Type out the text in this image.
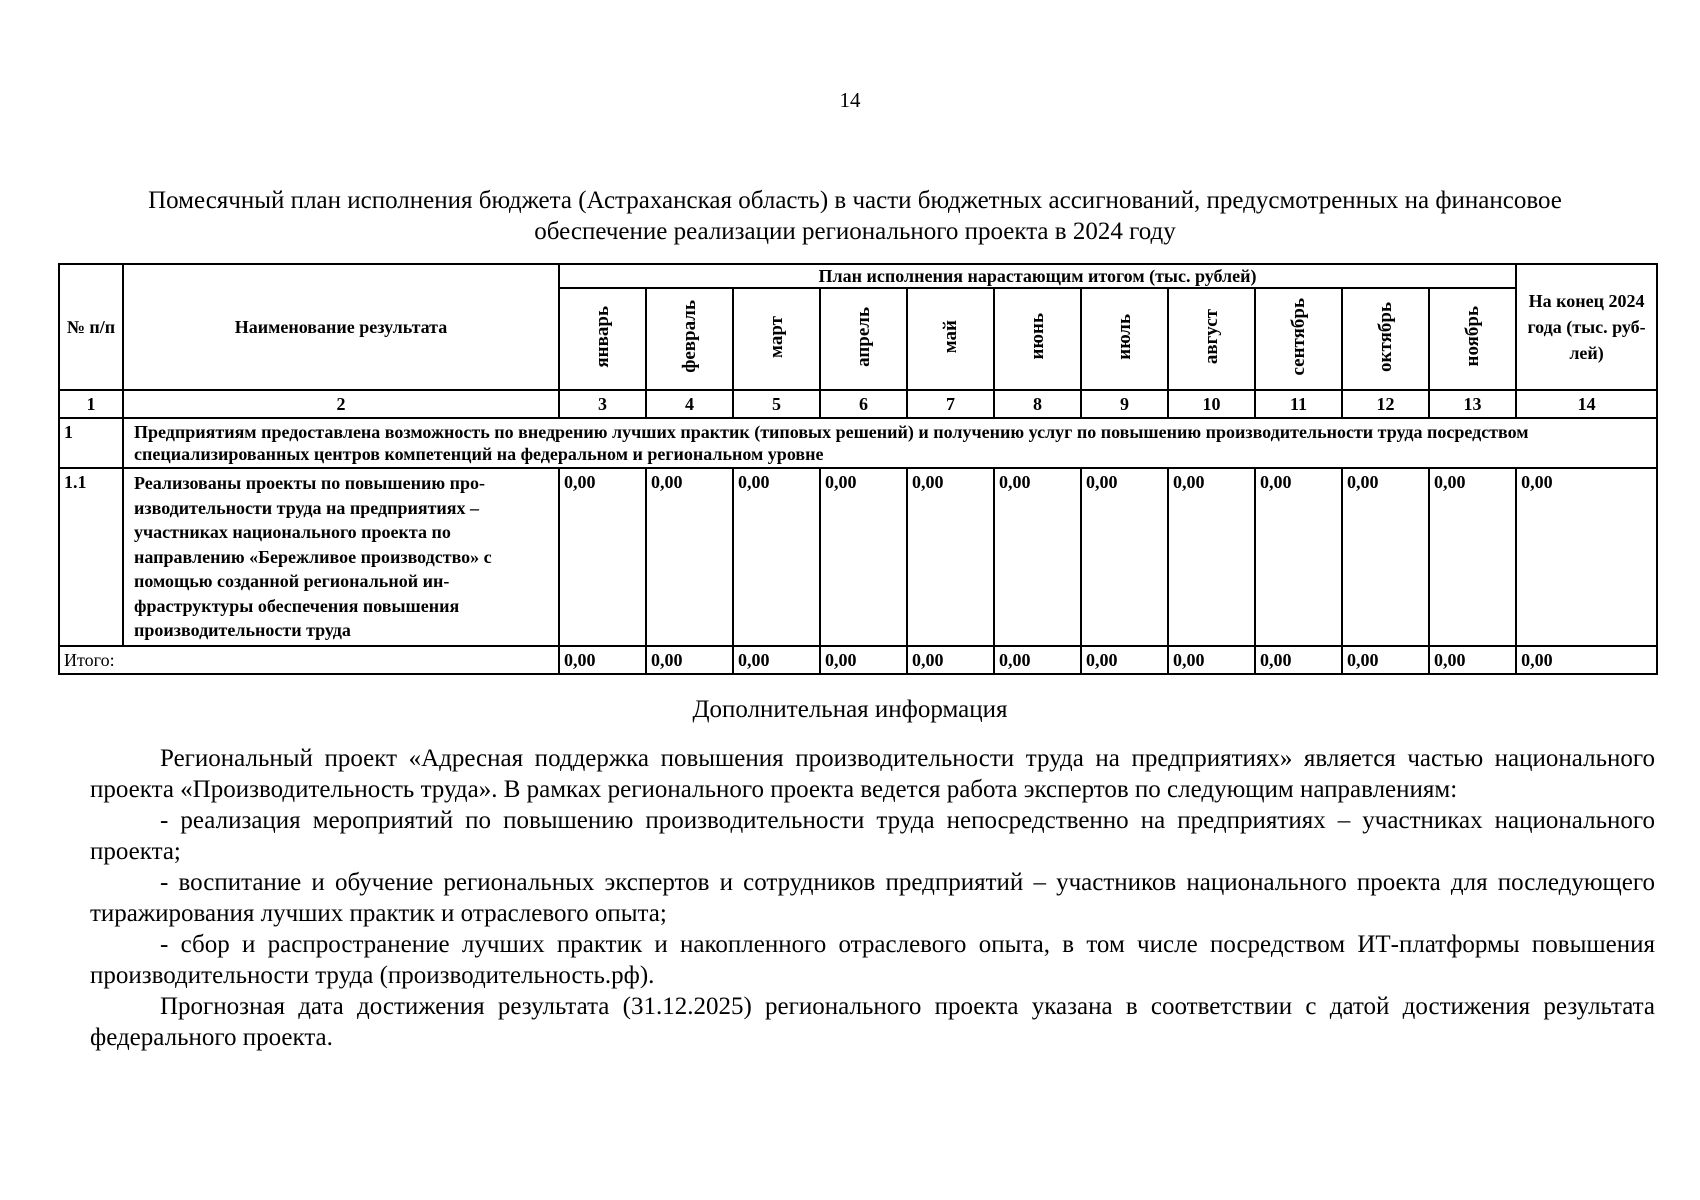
14
Помесячный план исполнения бюджета (Астраханская область) в части бюджетных ассигнований, предусмотренных на финансовое обеспечение реализации регионального проекта в 2024 году
№ п/п	Наименование результата	План исполнения нарастающим итогом (тыс. рублей)											На конец 2024 года (тыс. руб-лей)
		январь	февраль	март	апрель	май	июнь	июль	август	сентябрь	октябрь	ноябрь	
1	2	3	4	5	6	7	8	9	10	11	12	13	14
1	Предприятиям предоставлена возможность по внедрению лучших практик (типовых решений) и получению услуг по повышению производительности труда посредством специализированных центров компетенций на федеральном и региональном уровне												
1.1	Реализованы проекты по повышению про-изводительности труда на предприятиях – участниках национального проекта по направлению «Бережливое производство» с помощью созданной региональной ин-фраструктуры обеспечения повышения производительности труда	0,00	0,00	0,00	0,00	0,00	0,00	0,00	0,00	0,00	0,00	0,00	0,00
Итого:		0,00	0,00	0,00	0,00	0,00	0,00	0,00	0,00	0,00	0,00	0,00	0,00
Дополнительная информация

Региональный проект «Адресная поддержка повышения производительности труда на предприятиях» является частью национального проекта «Производительность труда». В рамках регионального проекта ведется работа экспертов по следующим направлениям:

- реализация мероприятий по повышению производительности труда непосредственно на предприятиях – участниках национального проекта;

- воспитание и обучение региональных экспертов и сотрудников предприятий – участников национального проекта для последующего тиражирования лучших практик и отраслевого опыта;

- сбор и распространение лучших практик и накопленного отраслевого опыта, в том числе посредством ИТ-платформы повышения производительности труда (производительность.рф).

Прогнозная дата достижения результата (31.12.2025) регионального проекта указана в соответствии с датой достижения результата федерального проекта.
